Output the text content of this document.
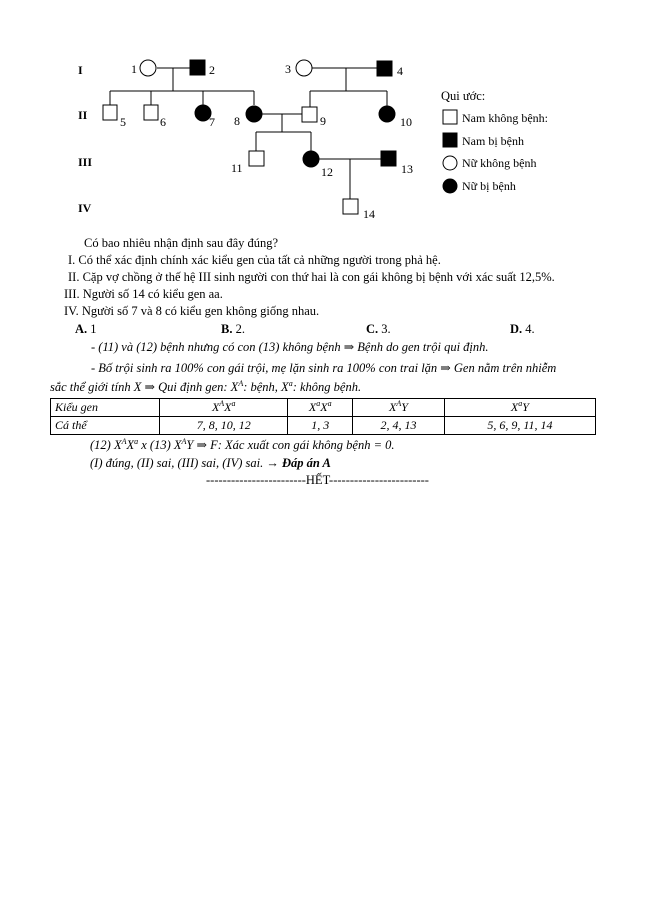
I
II
III
IV
1	2	3	4
5	6	7 8	9	10
11	12	13
14
Qui ước:
Nam không bệnh:
Nam bị bệnh
Nữ không bệnh
Nữ bị bệnh
Có bao nhiêu nhận định sau đây đúng?
I. Có thể xác định chính xác kiểu gen của tất cả những người trong phả hệ.
II. Cặp vợ chồng ở thế hệ III sinh người con thứ hai là con gái không bị bệnh với xác suất 12,5%.
III. Người số 14 có kiểu gen aa.
IV. Người số 7 và 8 có kiểu gen không giống nhau.
A. 1	B. 2.	C. 3.	D. 4.
- (11) và (12) bệnh nhưng có con (13) không bệnh ⇒ Bệnh do gen trội qui định.
- Bố trội sinh ra 100% con gái trội, mẹ lặn sinh ra 100% con trai lặn ⇒ Gen nằm trên nhiễm
sắc thể giới tính X ⇒ Qui định gen: $X^A$: bệnh, $X^a$: không bệnh.
Kiểu gen	$X^AX^a$	$X^aX^a$	$X^AY$	$X^aY$
Cá thể	7, 8, 10, 12	1, 3	2, 4, 13	5, 6, 9, 11, 14
(12) $X^AX^a$ x (13) $X^AY$ ⇒ F: Xác xuất con gái không bệnh = 0.
(I) đúng, (II) sai, (III) sai, (IV) sai. → Đáp án A
------------------------HẾT------------------------
